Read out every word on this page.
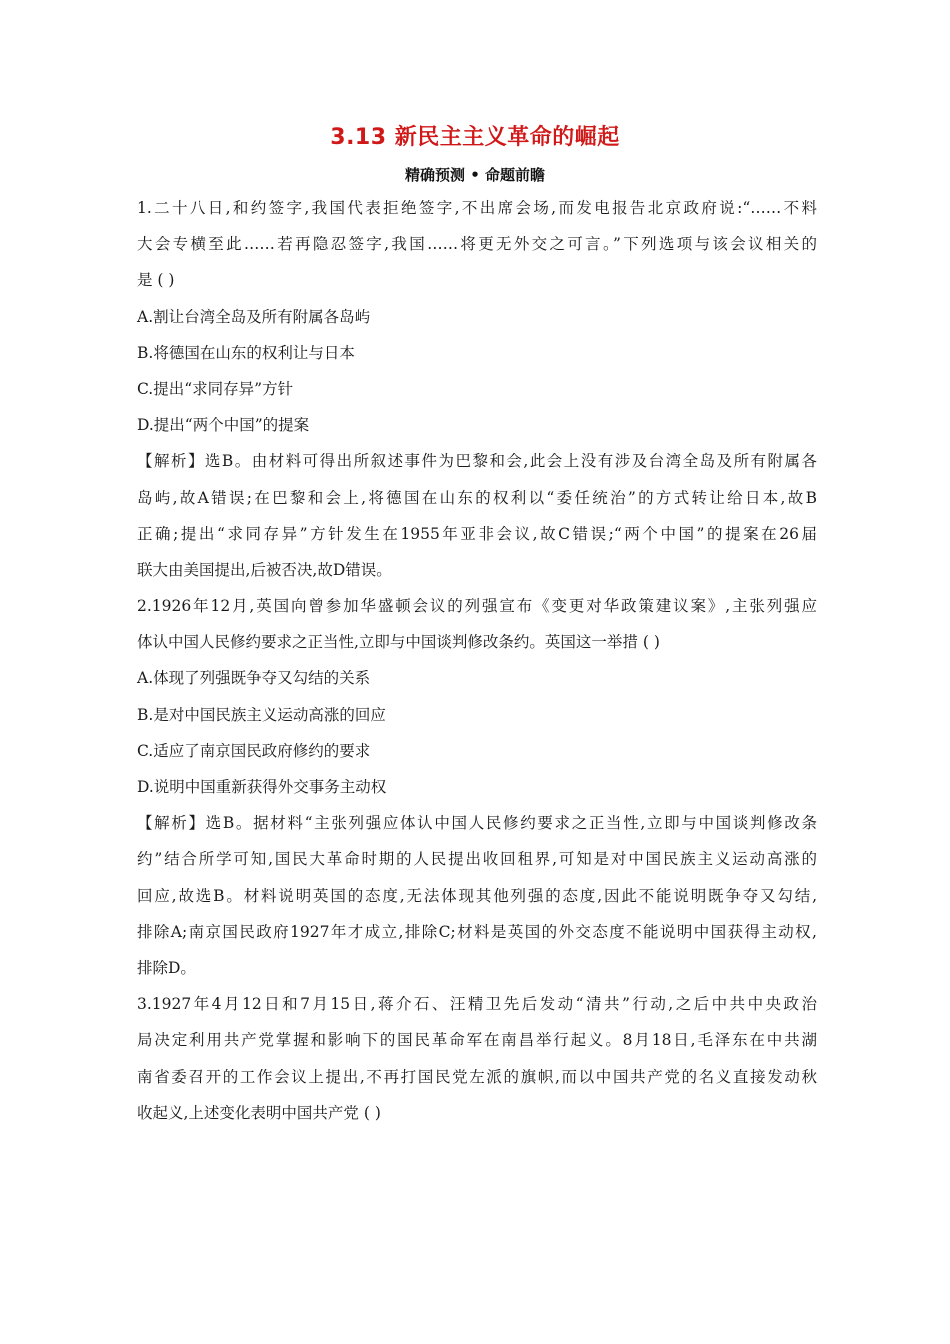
3.13 新民主主义革命的崛起
精确预测 • 命题前瞻
1.二十八日,和约签字,我国代表拒绝签字,不出席会场,而发电报告北京政府说:“……不料
大会专横至此……若再隐忍签字,我国……将更无外交之可言。”下列选项与该会议相关的
是 ( )
A.割让台湾全岛及所有附属各岛屿
B.将德国在山东的权利让与日本
C.提出“求同存异”方针
D.提出“两个中国”的提案
【解析】选B。由材料可得出所叙述事件为巴黎和会,此会上没有涉及台湾全岛及所有附属各
岛屿,故A错误;在巴黎和会上,将德国在山东的权利以“委任统治”的方式转让给日本,故B
正确;提出“求同存异”方针发生在1955年亚非会议,故C错误;“两个中国”的提案在26届
联大由美国提出,后被否决,故D错误。
2.1926年12月,英国向曾参加华盛顿会议的列强宣布《变更对华政策建议案》,主张列强应
体认中国人民修约要求之正当性,立即与中国谈判修改条约。英国这一举措 ( )
A.体现了列强既争夺又勾结的关系
B.是对中国民族主义运动高涨的回应
C.适应了南京国民政府修约的要求
D.说明中国重新获得外交事务主动权
【解析】选B。据材料“主张列强应体认中国人民修约要求之正当性,立即与中国谈判修改条
约”结合所学可知,国民大革命时期的人民提出收回租界,可知是对中国民族主义运动高涨的
回应,故选B。材料说明英国的态度,无法体现其他列强的态度,因此不能说明既争夺又勾结,
排除A;南京国民政府1927年才成立,排除C;材料是英国的外交态度不能说明中国获得主动权,
排除D。
3.1927年4月12日和7月15日,蒋介石、汪精卫先后发动“清共”行动,之后中共中央政治
局决定利用共产党掌握和影响下的国民革命军在南昌举行起义。8月18日,毛泽东在中共湖
南省委召开的工作会议上提出,不再打国民党左派的旗帜,而以中国共产党的名义直接发动秋
收起义,上述变化表明中国共产党 ( )
